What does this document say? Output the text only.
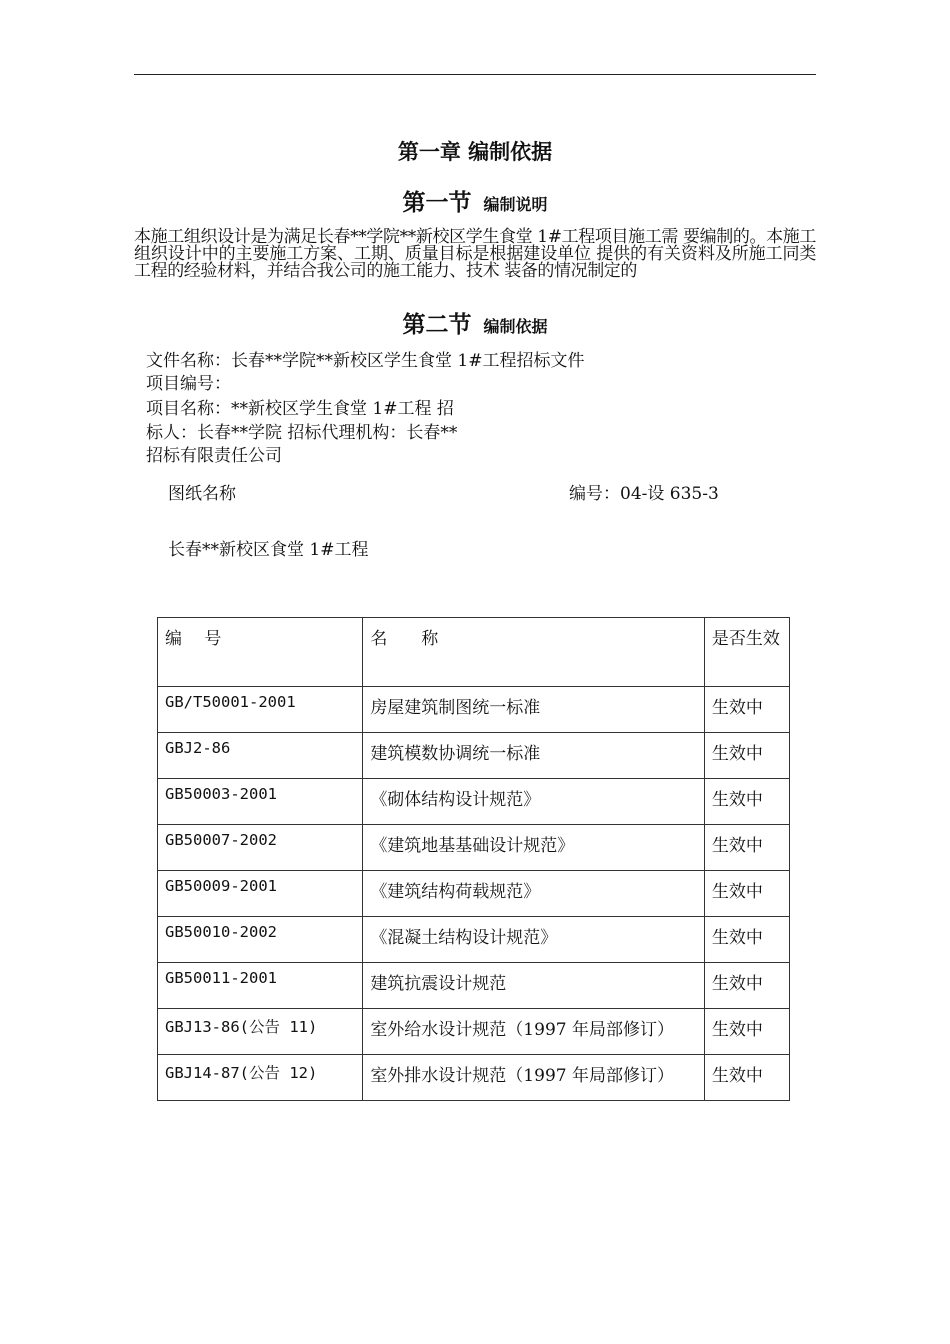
第一章 编制依据
第一节 编制说明
本施工组织设计是为满足长春**学院**新校区学生食堂 1#工程项目施工需 要编制的。本施工组织设计中的主要施工方案、工期、质量目标是根据建设单位 提供的有关资料及所施工同类工程的经验材料，并结合我公司的施工能力、技术 装备的情况制定的
第二节 编制依据
文件名称：长春**学院**新校区学生食堂 1#工程招标文件
项目编号：
项目名称：**新校区学生食堂 1#工程 招
标人：长春**学院 招标代理机构：长春**
招标有限责任公司
图纸名称	编号：04-设 635-3
长春**新校区食堂 1#工程
编　 号	名　　称	是否生效
GB/T50001-2001	房屋建筑制图统一标准	生效中
GBJ2-86	建筑模数协调统一标准	生效中
GB50003-2001	《砌体结构设计规范》	生效中
GB50007-2002	《建筑地基基础设计规范》	生效中
GB50009-2001	《建筑结构荷载规范》	生效中
GB50010-2002	《混凝土结构设计规范》	生效中
GB50011-2001	建筑抗震设计规范	生效中
GBJ13-86(公告 11)	室外给水设计规范（1997 年局部修订）	生效中
GBJ14-87(公告 12)	室外排水设计规范（1997 年局部修订）	生效中
